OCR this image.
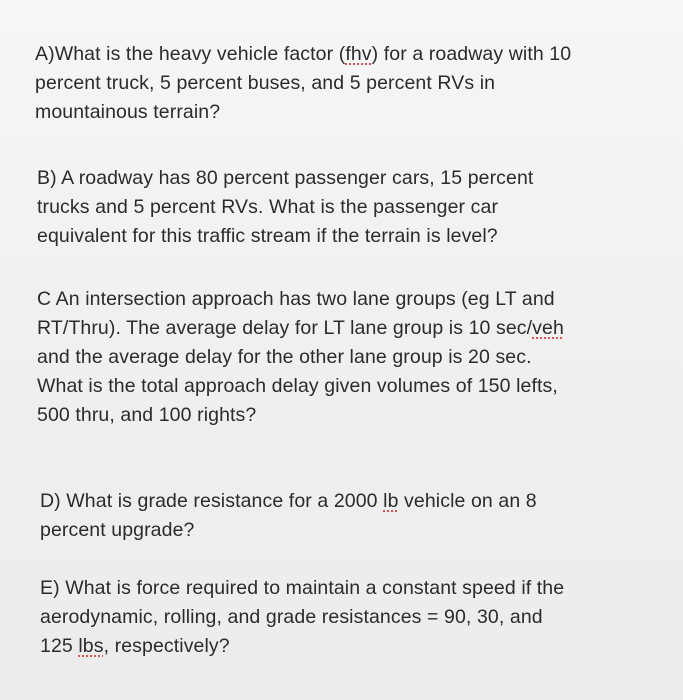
A)What is the heavy vehicle factor (fhv) for a roadway with 10
percent truck, 5 percent buses, and 5 percent RVs in
mountainous terrain?

B) A roadway has 80 percent passenger cars, 15 percent
trucks and 5 percent RVs. What is the passenger car
equivalent for this traffic stream if the terrain is level?

C An intersection approach has two lane groups (eg LT and
RT/Thru). The average delay for LT lane group is 10 sec/veh
and the average delay for the other lane group is 20 sec.
What is the total approach delay given volumes of 150 lefts,
500 thru, and 100 rights?

D) What is grade resistance for a 2000 lb vehicle on an 8
percent upgrade?

E) What is force required to maintain a constant speed if the
aerodynamic, rolling, and grade resistances = 90, 30, and
125 lbs, respectively?
